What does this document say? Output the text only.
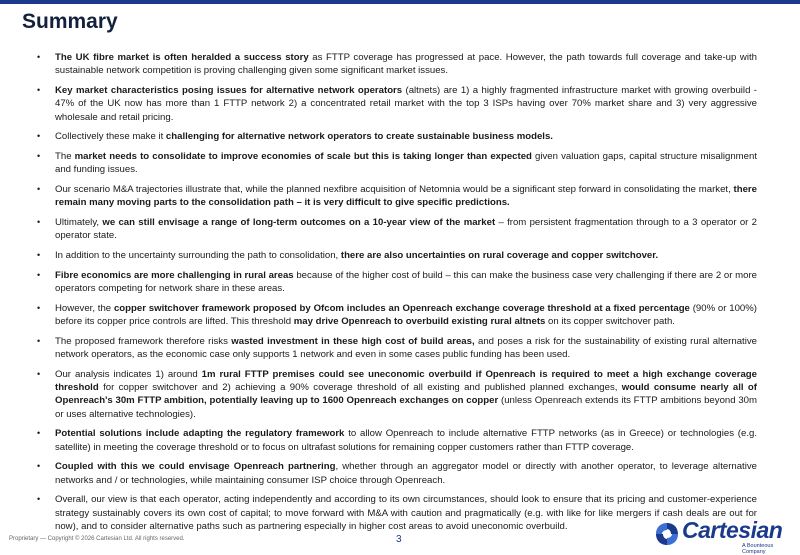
Summary
• The UK fibre market is often heralded a success story as FTTP coverage has progressed at pace. However, the path towards full coverage and take-up with sustainable network competition is proving challenging given some significant market issues.
• Key market characteristics posing issues for alternative network operators (altnets) are 1) a highly fragmented infrastructure market with growing overbuild - 47% of the UK now has more than 1 FTTP network 2) a concentrated retail market with the top 3 ISPs having over 70% market share and 3) very aggressive wholesale and retail pricing.
• Collectively these make it challenging for alternative network operators to create sustainable business models.
• The market needs to consolidate to improve economies of scale but this is taking longer than expected given valuation gaps, capital structure misalignment and funding issues.
• Our scenario M&A trajectories illustrate that, while the planned nexfibre acquisition of Netomnia would be a significant step forward in consolidating the market, there remain many moving parts to the consolidation path – it is very difficult to give specific predictions.
• Ultimately, we can still envisage a range of long-term outcomes on a 10-year view of the market – from persistent fragmentation through to a 3 operator or 2 operator state.
• In addition to the uncertainty surrounding the path to consolidation, there are also uncertainties on rural coverage and copper switchover.
• Fibre economics are more challenging in rural areas because of the higher cost of build – this can make the business case very challenging if there are 2 or more operators competing for network share in these areas.
• However, the copper switchover framework proposed by Ofcom includes an Openreach exchange coverage threshold at a fixed percentage (90% or 100%) before its copper price controls are lifted. This threshold may drive Openreach to overbuild existing rural altnets on its copper switchover path.
• The proposed framework therefore risks wasted investment in these high cost of build areas, and poses a risk for the sustainability of existing rural alternative network operators, as the economic case only supports 1 network and even in some cases public funding has been used.
• Our analysis indicates 1) around 1m rural FTTP premises could see uneconomic overbuild if Openreach is required to meet a high exchange coverage threshold for copper switchover and 2) achieving a 90% coverage threshold of all existing and published planned exchanges, would consume nearly all of Openreach's 30m FTTP ambition, potentially leaving up to 1600 Openreach exchanges on copper (unless Openreach extends its FTTP ambitions beyond 30m or uses alternative technologies).
• Potential solutions include adapting the regulatory framework to allow Openreach to include alternative FTTP networks (as in Greece) or technologies (e.g. satellite) in meeting the coverage threshold or to focus on ultrafast solutions for remaining copper customers rather than FTTP coverage.
• Coupled with this we could envisage Openreach partnering, whether through an aggregator model or directly with another operator, to leverage alternative networks and / or technologies, while maintaining consumer ISP choice through Openreach.
• Overall, our view is that each operator, acting independently and according to its own circumstances, should look to ensure that its pricing and customer-experience strategy sustainably covers its own cost of capital; to move forward with M&A with caution and pragmatically (e.g. with like for like mergers if cash deals are out for now), and to consider alternative paths such as partnering especially in higher cost areas to avoid uneconomic overbuild.
Proprietary — Copyright © 2026 Cartesian Ltd. All rights reserved.	3	Cartesian
A Bounteous Company
